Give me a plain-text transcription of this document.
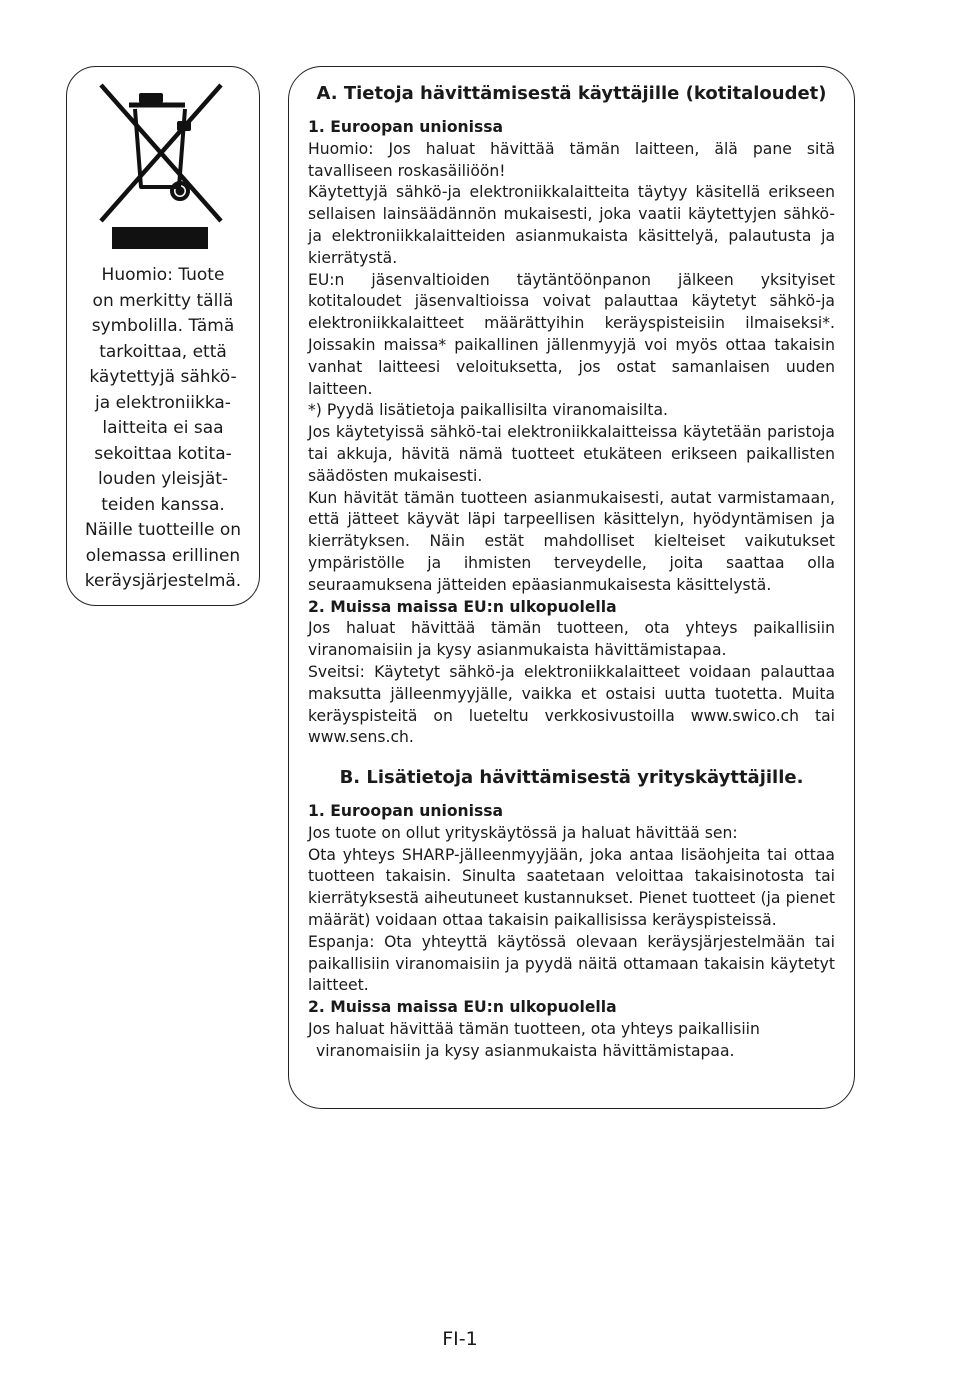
Huomio: Tuote
on merkitty tällä
symbolilla. Tämä
tarkoittaa, että
käytettyjä sähkö-
ja elektroniikka-
laitteita ei saa
sekoittaa kotita-
louden yleisjät-
teiden kanssa.
Näille tuotteille on
olemassa erillinen
keräysjärjestelmä.
A. Tietoja hävittämisestä käyttäjille (kotitaloudet)

1. Euroopan unionissa

Huomio: Jos haluat hävittää tämän laitteen, älä pane sitä tavalliseen roskasäiliöön!

Käytettyjä sähkö-ja elektroniikkalaitteita täytyy käsitellä erikseen sellaisen lainsäädännön mukaisesti, joka vaatii käytettyjen sähkö-ja elektroniikkalaitteiden asianmukaista käsittelyä, palautusta ja kierrätystä.

EU:n jäsenvaltioiden täytäntöönpanon jälkeen yksityiset kotitaloudet jäsenvaltioissa voivat palauttaa käytetyt sähkö-ja elektroniikkalaitteet määrättyihin keräyspisteisiin ilmaiseksi*. Joissakin maissa* paikallinen jällenmyyjä voi myös ottaa takaisin vanhat laitteesi veloituksetta, jos ostat samanlaisen uuden laitteen.

*) Pyydä lisätietoja paikallisilta viranomaisilta.

Jos käytetyissä sähkö-tai elektroniikkalaitteissa käytetään paristoja tai akkuja, hävitä nämä tuotteet etukäteen erikseen paikallisten säädösten mukaisesti.

Kun hävität tämän tuotteen asianmukaisesti, autat varmistamaan, että jätteet käyvät läpi tarpeellisen käsittelyn, hyödyntämisen ja kierrätyksen. Näin estät mahdolliset kielteiset vaikutukset ympäristölle ja ihmisten terveydelle, joita saattaa olla seuraamuksena jätteiden epäasianmukaisesta käsittelystä.

2. Muissa maissa EU:n ulkopuolella

Jos haluat hävittää tämän tuotteen, ota yhteys paikallisiin viranomaisiin ja kysy asianmukaista hävittämistapaa.

Sveitsi: Käytetyt sähkö-ja elektroniikkalaitteet voidaan palauttaa maksutta jälleenmyyjälle, vaikka et ostaisi uutta tuotetta. Muita keräyspisteitä on lueteltu verkkosivustoilla www.swico.ch tai www.sens.ch.

B. Lisätietoja hävittämisestä yrityskäyttäjille.

1. Euroopan unionissa

Jos tuote on ollut yrityskäytössä ja haluat hävittää sen:

Ota yhteys SHARP-jälleenmyyjään, joka antaa lisäohjeita tai ottaa tuotteen takaisin. Sinulta saatetaan veloittaa takaisinotosta tai kierrätyksestä aiheutuneet kustannukset. Pienet tuotteet (ja pienet määrät) voidaan ottaa takaisin paikallisissa keräyspisteissä.

Espanja: Ota yhteyttä käytössä olevaan keräysjärjestelmään tai paikallisiin viranomaisiin ja pyydä näitä ottamaan takaisin käytetyt laitteet.

2. Muissa maissa EU:n ulkopuolella

Jos haluat hävittää tämän tuotteen, ota yhteys paikallisiin

viranomaisiin ja kysy asianmukaista hävittämistapaa.

FI-1
